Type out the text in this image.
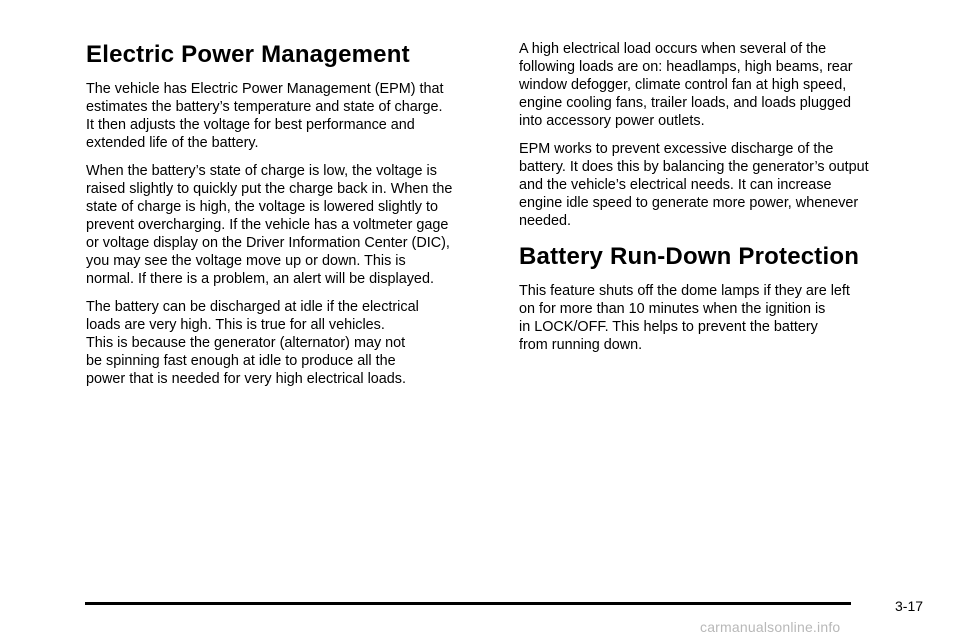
Electric Power Management

The vehicle has Electric Power Management (EPM) that
estimates the battery’s temperature and state of charge.
It then adjusts the voltage for best performance and
extended life of the battery.

When the battery’s state of charge is low, the voltage is
raised slightly to quickly put the charge back in. When the
state of charge is high, the voltage is lowered slightly to
prevent overcharging. If the vehicle has a voltmeter gage
or voltage display on the Driver Information Center (DIC),
you may see the voltage move up or down. This is
normal. If there is a problem, an alert will be displayed.

The battery can be discharged at idle if the electrical
loads are very high. This is true for all vehicles.
This is because the generator (alternator) may not
be spinning fast enough at idle to produce all the
power that is needed for very high electrical loads.

A high electrical load occurs when several of the
following loads are on: headlamps, high beams, rear
window defogger, climate control fan at high speed,
engine cooling fans, trailer loads, and loads plugged
into accessory power outlets.

EPM works to prevent excessive discharge of the
battery. It does this by balancing the generator’s output
and the vehicle’s electrical needs. It can increase
engine idle speed to generate more power, whenever
needed.

Battery Run-Down Protection

This feature shuts off the dome lamps if they are left
on for more than 10 minutes when the ignition is
in LOCK/OFF. This helps to prevent the battery
from running down.

3-17
carmanualsonline.info
